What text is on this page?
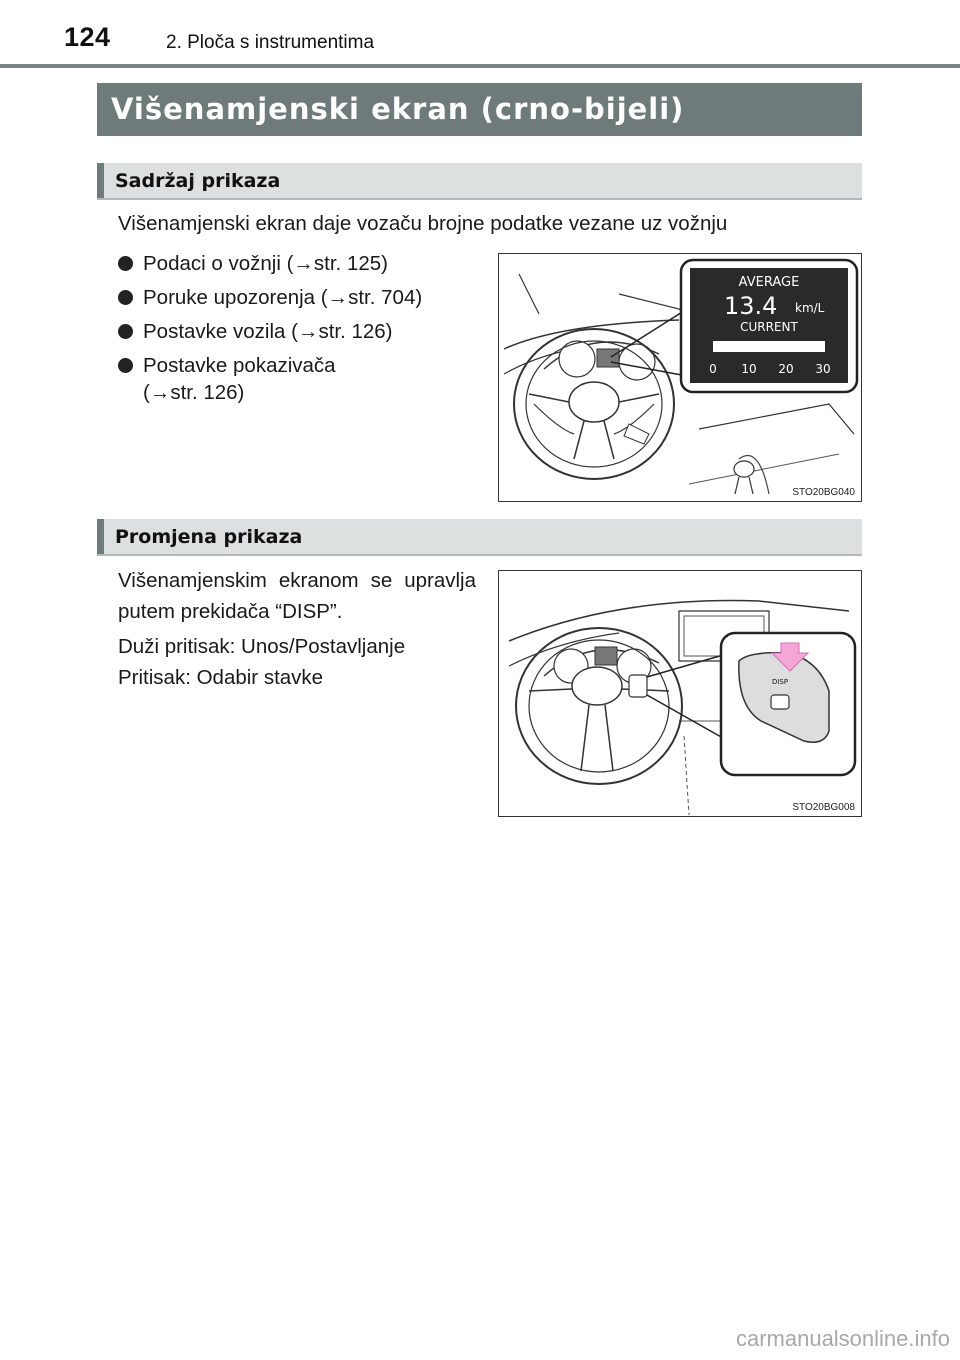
124	2. Ploča s instrumentima
Višenamjenski ekran (crno-bijeli)
Sadržaj prikaza
Višenamjenski ekran daje vozaču brojne podatke vezane uz vožnju
Podaci o vožnji (→str. 125)
Poruke upozorenja (→str. 704)
Postavke vozila (→str. 126)
Postavke pokazivača (→str. 126)
AVERAGE
13.4 km/L
CURRENT
0 10 20 30
STO20BG040
Promjena prikaza
Višenamjenskim ekranom se upravlja putem prekidača “DISP”.
Duži pritisak: Unos/Postavljanje
Pritisak: Odabir stavke	DISP
STO20BG008
carmanualsonline.info
